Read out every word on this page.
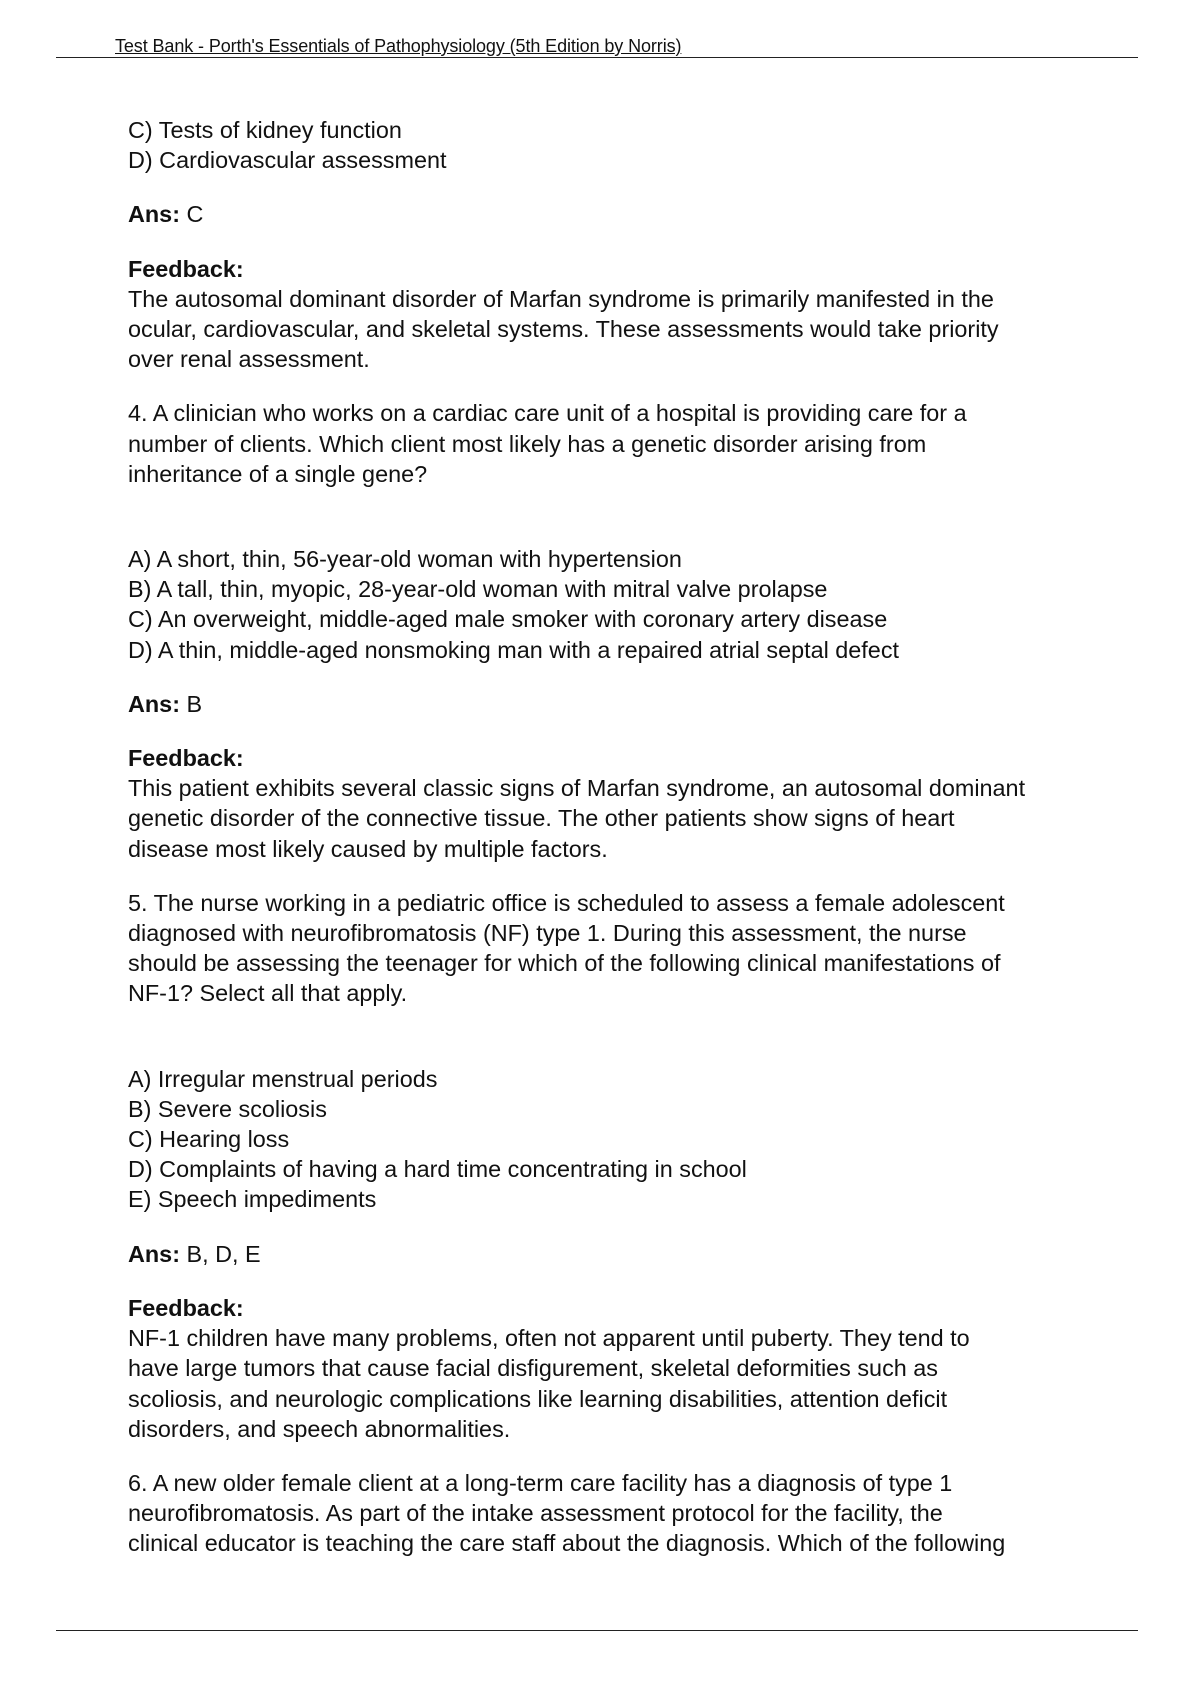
Test Bank - Porth's Essentials of Pathophysiology (5th Edition by Norris)
C) Tests of kidney function
D) Cardiovascular assessment
Ans: C
Feedback:
The autosomal dominant disorder of Marfan syndrome is primarily manifested in the
ocular, cardiovascular, and skeletal systems. These assessments would take priority
over renal assessment.
4. A clinician who works on a cardiac care unit of a hospital is providing care for a
number of clients. Which client most likely has a genetic disorder arising from
inheritance of a single gene?
A) A short, thin, 56-year-old woman with hypertension
B) A tall, thin, myopic, 28-year-old woman with mitral valve prolapse
C) An overweight, middle-aged male smoker with coronary artery disease
D) A thin, middle-aged nonsmoking man with a repaired atrial septal defect
Ans: B
Feedback:
This patient exhibits several classic signs of Marfan syndrome, an autosomal dominant
genetic disorder of the connective tissue. The other patients show signs of heart
disease most likely caused by multiple factors.
5. The nurse working in a pediatric office is scheduled to assess a female adolescent
diagnosed with neurofibromatosis (NF) type 1. During this assessment, the nurse
should be assessing the teenager for which of the following clinical manifestations of
NF-1? Select all that apply.
A) Irregular menstrual periods
B) Severe scoliosis
C) Hearing loss
D) Complaints of having a hard time concentrating in school
E) Speech impediments
Ans: B, D, E
Feedback:
NF-1 children have many problems, often not apparent until puberty. They tend to
have large tumors that cause facial disfigurement, skeletal deformities such as
scoliosis, and neurologic complications like learning disabilities, attention deficit
disorders, and speech abnormalities.
6. A new older female client at a long-term care facility has a diagnosis of type 1
neurofibromatosis. As part of the intake assessment protocol for the facility, the
clinical educator is teaching the care staff about the diagnosis. Which of the following
